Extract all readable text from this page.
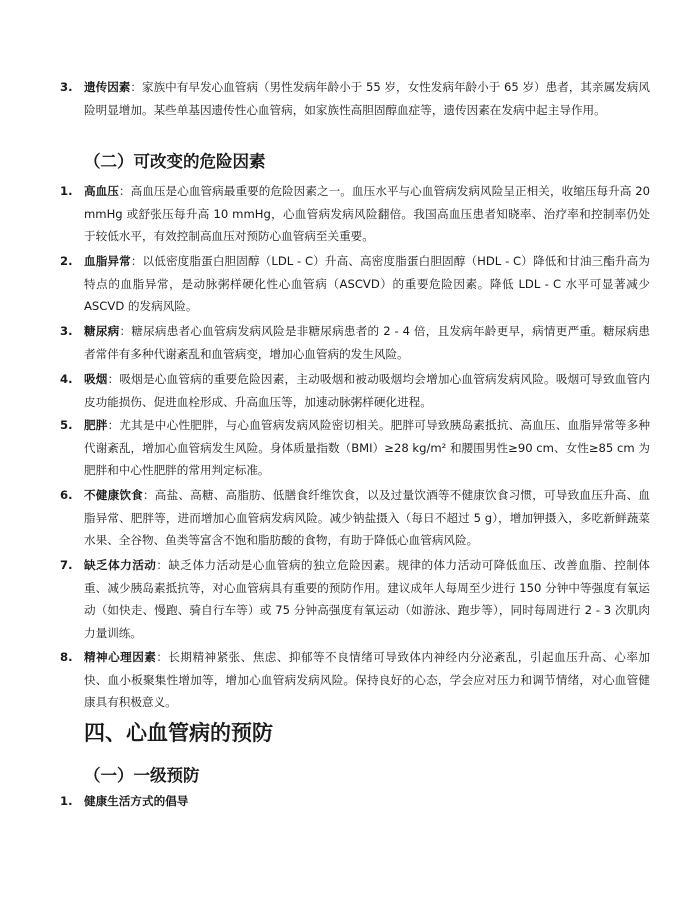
3. 遗传因素：家族中有早发心血管病（男性发病年龄小于 55 岁，女性发病年龄小于 65 岁）患者，其亲属发病风险明显增加。某些单基因遗传性心血管病，如家族性高胆固醇血症等，遗传因素在发病中起主导作用。
（二）可改变的危险因素
1. 高血压：高血压是心血管病最重要的危险因素之一。血压水平与心血管病发病风险呈正相关，收缩压每升高 20 mmHg 或舒张压每升高 10 mmHg，心血管病发病风险翻倍。我国高血压患者知晓率、治疗率和控制率仍处于较低水平，有效控制高血压对预防心血管病至关重要。
2. 血脂异常：以低密度脂蛋白胆固醇（LDL - C）升高、高密度脂蛋白胆固醇（HDL - C）降低和甘油三酯升高为特点的血脂异常，是动脉粥样硬化性心血管病（ASCVD）的重要危险因素。降低 LDL - C 水平可显著减少 ASCVD 的发病风险。
3. 糖尿病：糖尿病患者心血管病发病风险是非糖尿病患者的 2 - 4 倍，且发病年龄更早，病情更严重。糖尿病患者常伴有多种代谢紊乱和血管病变，增加心血管病的发生风险。
4. 吸烟：吸烟是心血管病的重要危险因素，主动吸烟和被动吸烟均会增加心血管病发病风险。吸烟可导致血管内皮功能损伤、促进血栓形成、升高血压等，加速动脉粥样硬化进程。
5. 肥胖：尤其是中心性肥胖，与心血管病发病风险密切相关。肥胖可导致胰岛素抵抗、高血压、血脂异常等多种代谢紊乱，增加心血管病发生风险。身体质量指数（BMI）≥28 kg/m² 和腰围男性≥90 cm、女性≥85 cm 为肥胖和中心性肥胖的常用判定标准。
6. 不健康饮食：高盐、高糖、高脂肪、低膳食纤维饮食，以及过量饮酒等不健康饮食习惯，可导致血压升高、血脂异常、肥胖等，进而增加心血管病发病风险。减少钠盐摄入（每日不超过 5 g），增加钾摄入，多吃新鲜蔬菜水果、全谷物、鱼类等富含不饱和脂肪酸的食物，有助于降低心血管病风险。
7. 缺乏体力活动：缺乏体力活动是心血管病的独立危险因素。规律的体力活动可降低血压、改善血脂、控制体重、减少胰岛素抵抗等，对心血管病具有重要的预防作用。建议成年人每周至少进行 150 分钟中等强度有氧运动（如快走、慢跑、骑自行车等）或 75 分钟高强度有氧运动（如游泳、跑步等），同时每周进行 2 - 3 次肌肉力量训练。
8. 精神心理因素：长期精神紧张、焦虑、抑郁等不良情绪可导致体内神经内分泌紊乱，引起血压升高、心率加快、血小板聚集性增加等，增加心血管病发病风险。保持良好的心态，学会应对压力和调节情绪，对心血管健康具有积极意义。
四、心血管病的预防
（一）一级预防
1. 健康生活方式的倡导
